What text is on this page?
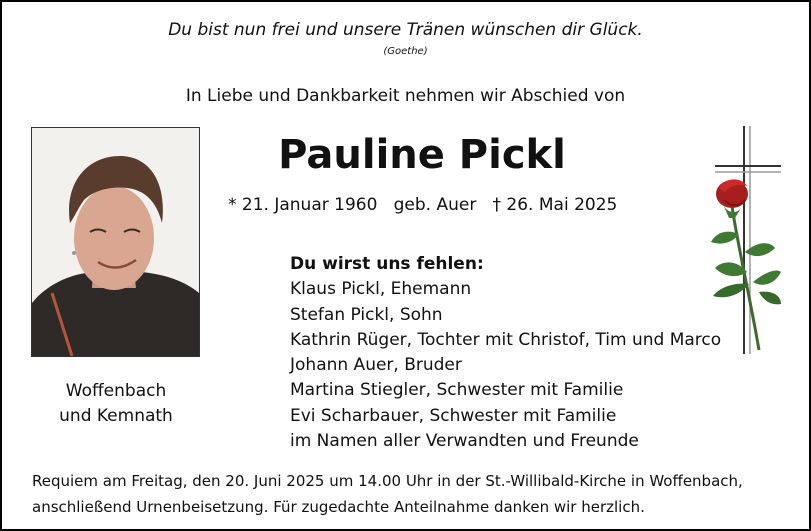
Du bist nun frei und unsere Tränen wünschen dir Glück.
(Goethe)
In Liebe und Dankbarkeit nehmen wir Abschied von
Pauline Pickl
* 21. Januar 1960   geb. Auer   † 26. Mai 2025
Woffenbach
und Kemnath
Du wirst uns fehlen:
Klaus Pickl, Ehemann
Stefan Pickl, Sohn
Kathrin Rüger, Tochter mit Christof, Tim und Marco
Johann Auer, Bruder
Martina Stiegler, Schwester mit Familie
Evi Scharbauer, Schwester mit Familie
im Namen aller Verwandten und Freunde
Requiem am Freitag, den 20. Juni 2025 um 14.00 Uhr in der St.-Willibald-Kirche in Woffenbach,
anschließend Urnenbeisetzung. Für zugedachte Anteilnahme danken wir herzlich.
